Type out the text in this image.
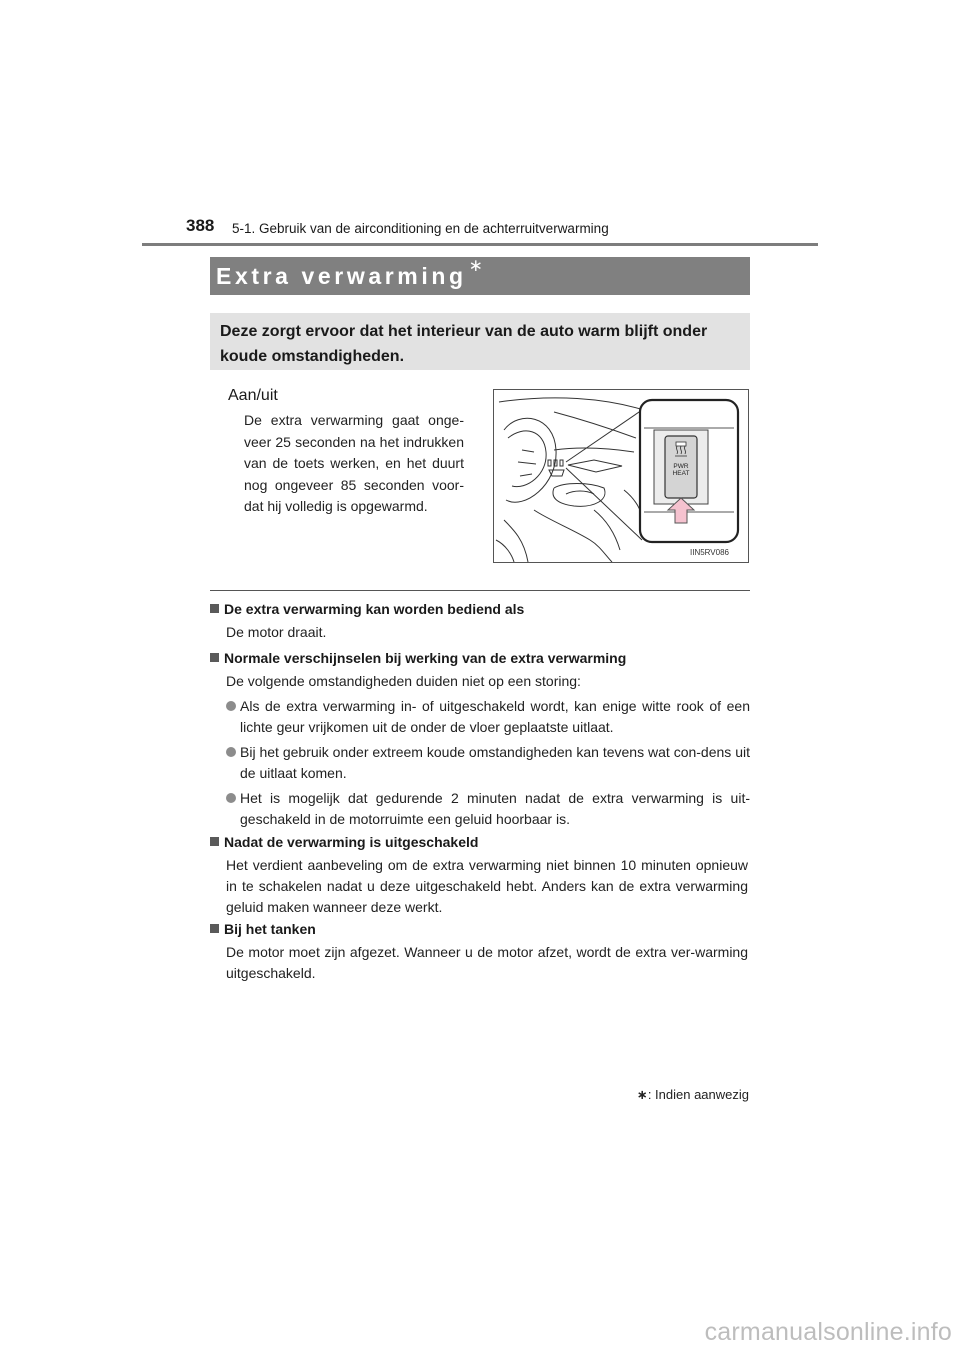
388 5-1. Gebruik van de airconditioning en de achterruitverwarming
Extra verwarming ∗
Deze zorgt ervoor dat het interieur van de auto warm blijft onder koude omstandigheden.
Aan/uit
De extra verwarming gaat onge-veer 25 seconden na het indrukken van de toets werken, en het duurt nog ongeveer 85 seconden voor-dat hij volledig is opgewarmd.
PWR
HEAT
IIN5RV086
De extra verwarming kan worden bediend als
De motor draait.
Normale verschijnselen bij werking van de extra verwarming
De volgende omstandigheden duiden niet op een storing:
Als de extra verwarming in- of uitgeschakeld wordt, kan enige witte rook of een lichte geur vrijkomen uit de onder de vloer geplaatste uitlaat.
Bij het gebruik onder extreem koude omstandigheden kan tevens wat con-dens uit de uitlaat komen.
Het is mogelijk dat gedurende 2 minuten nadat de extra verwarming is uit-geschakeld in de motorruimte een geluid hoorbaar is.
Nadat de verwarming is uitgeschakeld
Het verdient aanbeveling om de extra verwarming niet binnen 10 minuten opnieuw in te schakelen nadat u deze uitgeschakeld hebt. Anders kan de extra verwarming geluid maken wanneer deze werkt.
Bij het tanken
De motor moet zijn afgezet. Wanneer u de motor afzet, wordt de extra ver-warming uitgeschakeld.
∗: Indien aanwezig
carmanualsonline.info
